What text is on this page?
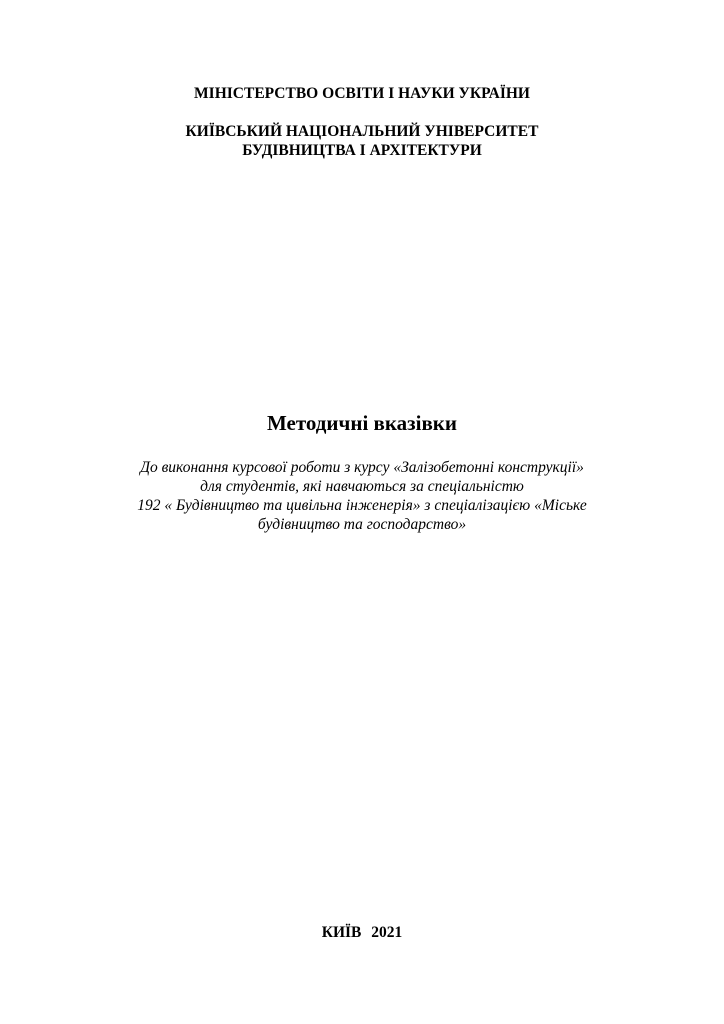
МІНІСТЕРСТВО ОСВІТИ І НАУКИ УКРАЇНИ
КИЇВСЬКИЙ НАЦІОНАЛЬНИЙ УНІВЕРСИТЕТ
БУДІВНИЦТВА І АРХІТЕКТУРИ
Методичні вказівки
До виконання курсової роботи з курсу «Залізобетонні конструкції»
для студентів, які навчаються за спеціальністю
192 « Будівництво та цивільна інженерія» з спеціалізацією «Міське
будівництво та господарство»
КИЇВ 2021
